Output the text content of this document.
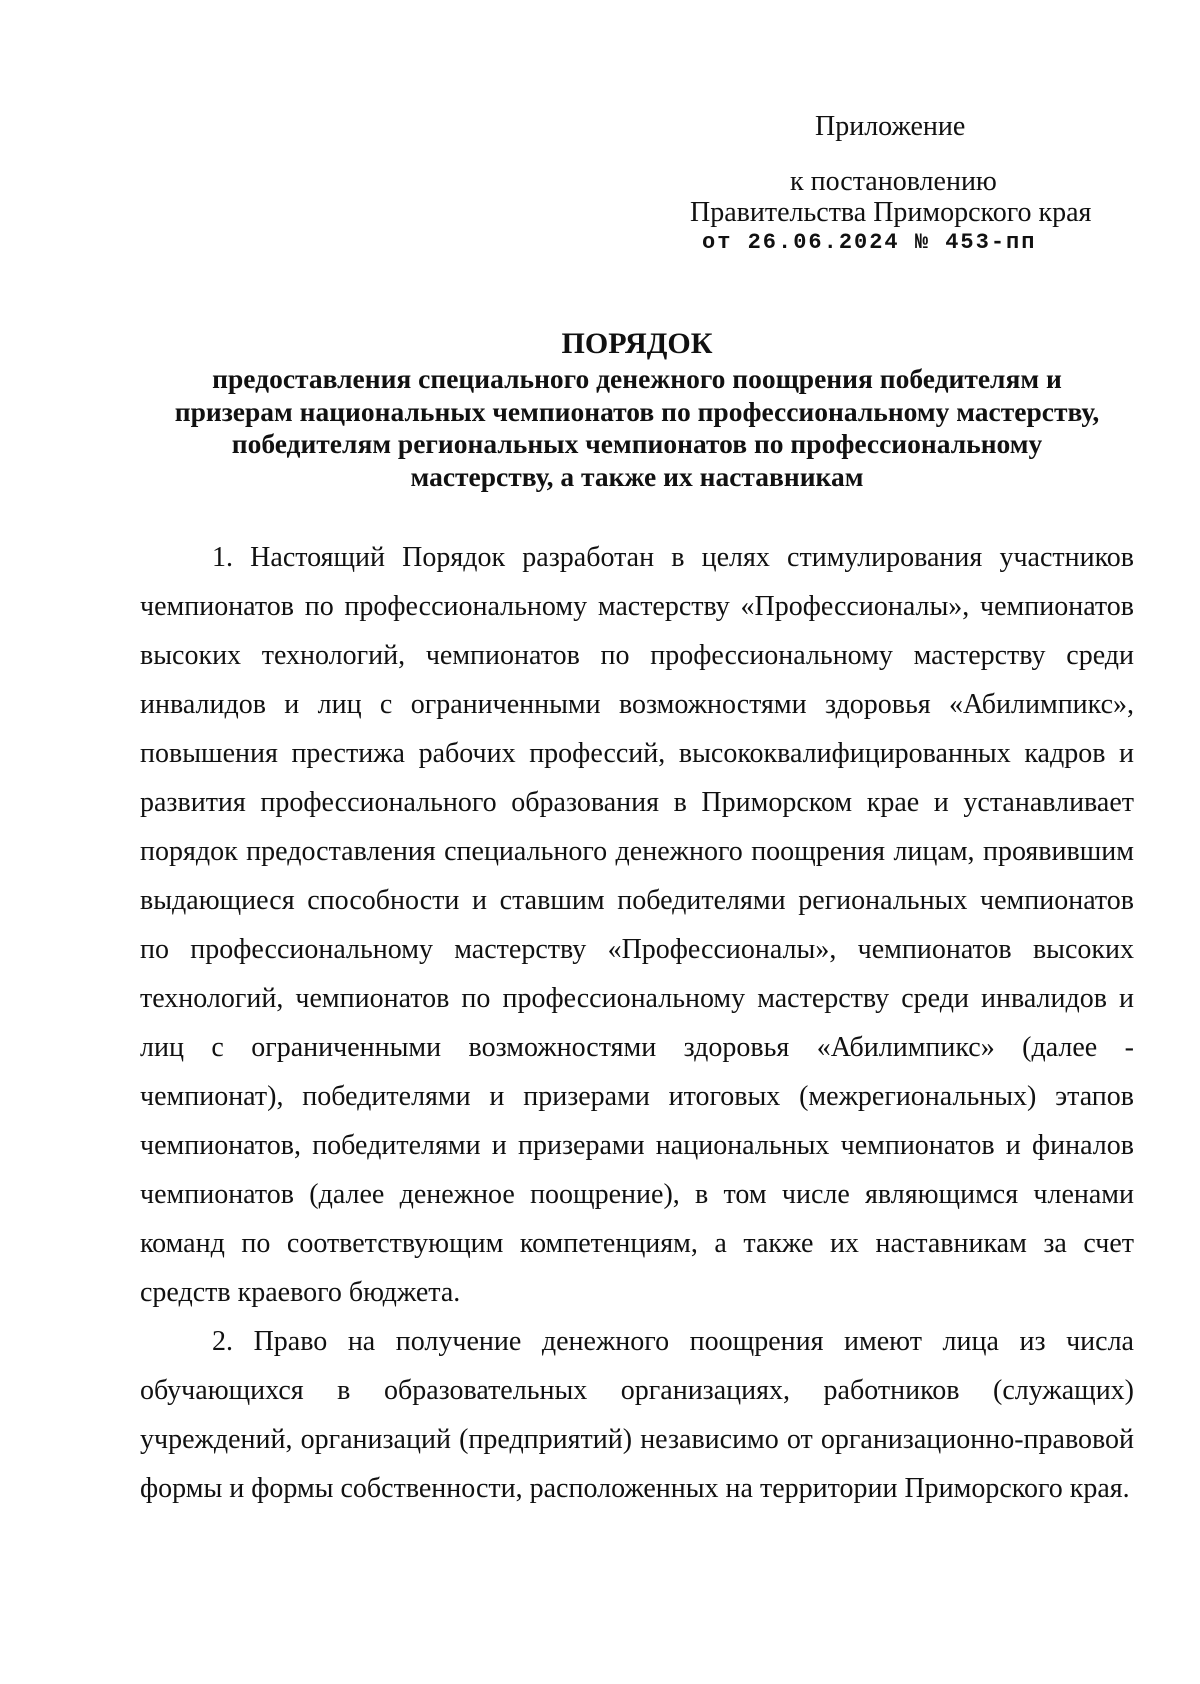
Приложение
к постановлению
Правительства Приморского края
от 26.06.2024 № 453-пп
ПОРЯДОК
предоставления специального денежного поощрения победителям и
призерам национальных чемпионатов по профессиональному мастерству,
победителям региональных чемпионатов по профессиональному
мастерству, а также их наставникам

1. Настоящий Порядок разработан в целях стимулирования участников чемпионатов по профессиональному мастерству «Профессионалы», чемпионатов высоких технологий, чемпионатов по профессиональному мастерству среди инвалидов и лиц с ограниченными возможностями здоровья «Абилимпикс», повышения престижа рабочих профессий, высококвалифицированных кадров и развития профессионального образования в Приморском крае и устанавливает порядок предоставления специального денежного поощрения лицам, проявившим выдающиеся способности и ставшим победителями региональных чемпионатов по профессиональному мастерству «Профессионалы», чемпионатов высоких технологий, чемпионатов по профессиональному мастерству среди инвалидов и лиц с ограниченными возможностями здоровья «Абилимпикс» (далее - чемпионат), победителями и призерами итоговых (межрегиональных) этапов чемпионатов, победителями и призерами национальных чемпионатов и финалов чемпионатов (далее денежное поощрение), в том числе являющимся членами команд по соответствующим компетенциям, а также их наставникам за счет средств краевого бюджета.

2. Право на получение денежного поощрения имеют лица из числа обучающихся в образовательных организациях, работников (служащих) учреждений, организаций (предприятий) независимо от организационно-правовой формы и формы собственности, расположенных на территории Приморского края.
